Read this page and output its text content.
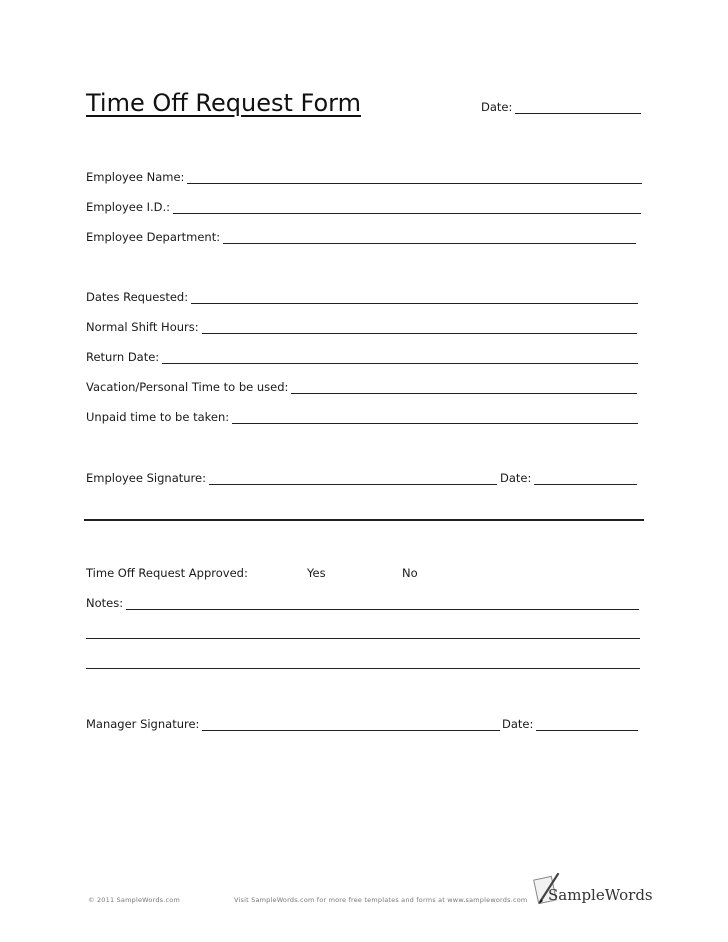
Time Off Request Form	Date:
Employee Name:
Employee I.D.:
Employee Department:
Dates Requested:
Normal Shift Hours:
Return Date:
Vacation/Personal Time to be used:
Unpaid time to be taken:
Employee Signature:	Date:
Time Off Request Approved:	Yes	No
Notes:
Manager Signature:	Date:
© 2011 SampleWords.com	Visit SampleWords.com for more free templates and forms at www.samplewords.com SampleWords
